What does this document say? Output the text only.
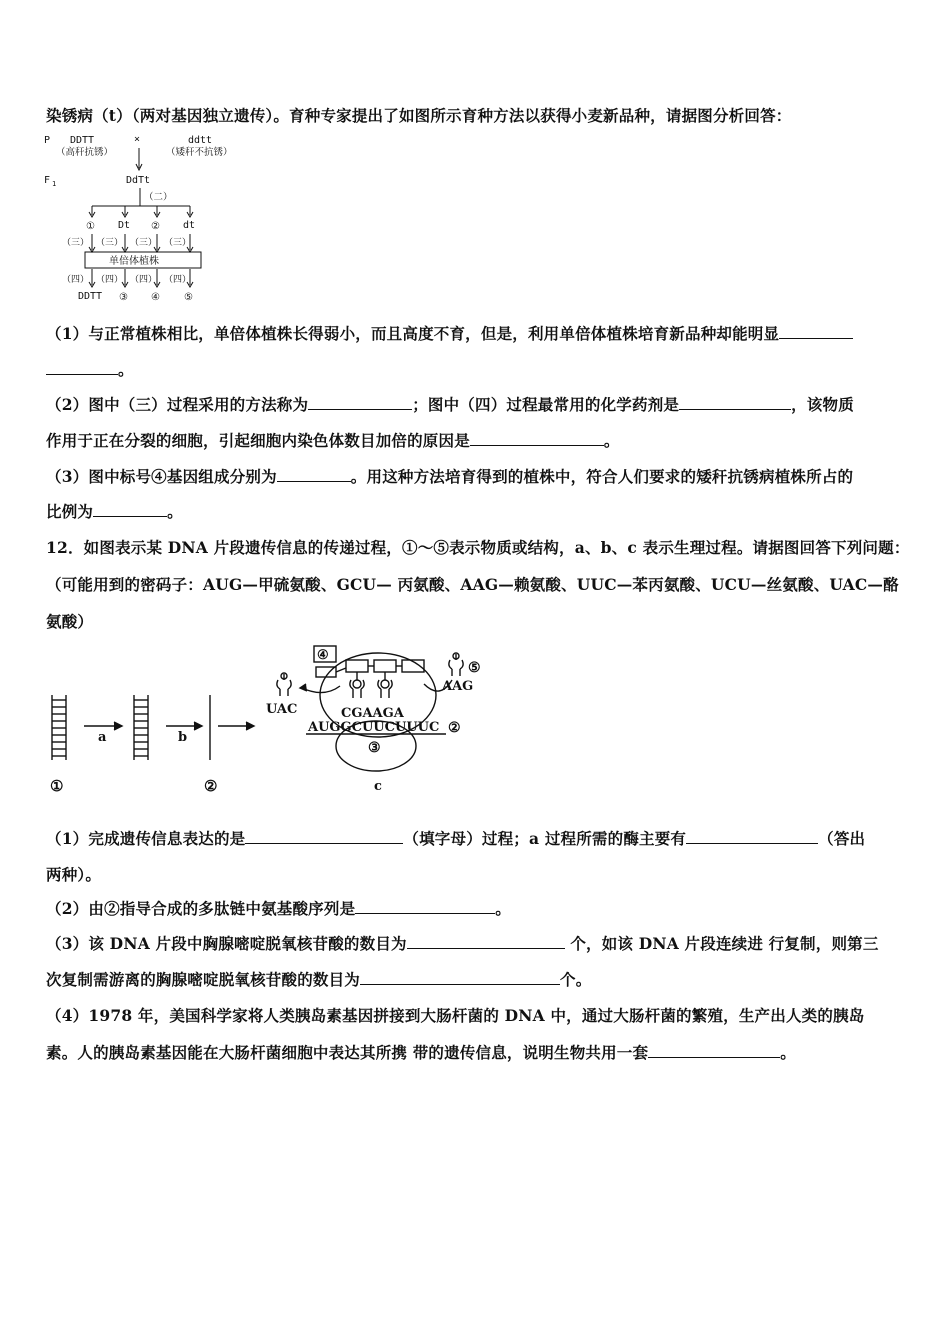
染锈病（t）（两对基因独立遗传）。育种专家提出了如图所示育种方法以获得小麦新品种，请据图分析回答：
P DDTT
（高秆抗锈）
×	ddtt
（矮秆不抗锈）
F 1	DdTt
（二）
① Dt ② dt
（三） （三） （三） （三）
单倍体植株
（四） （四） （四） （四）
DDTT ③ ④ ⑤
（1）与正常植株相比，单倍体植株长得弱小，而且高度不育，但是，利用单倍体植株培育新品种却能明显
。
（2）图中（三）过程采用的方法称为	；图中（四）过程最常用的化学药剂是	，该物质
作用于正在分裂的细胞，引起细胞内染色体数目加倍的原因是	。
（3）图中标号④基因组成分别为	。用这种方法培育得到的植株中，符合人们要求的矮秆抗锈病植株所占的
比例为	。
12．如图表示某 DNA 片段遗传信息的传递过程，①～⑤表示物质或结构，a、b、c 表示生理过程。请据图回答下列问题：
（可能用到的密码子：AUG—甲硫氨酸、GCU— 丙氨酸、AAG—赖氨酸、UUC—苯丙氨酸、UCU—丝氨酸、UAC—酪
氨酸）
①
a	b
②
④
⑤
UAC
AAG
CGAAGA
AUGGCUUCUUUC ②
③
c
（1）完成遗传信息表达的是	（填字母）过程；a 过程所需的酶主要有	（答出
两种）。
（2）由②指导合成的多肽链中氨基酸序列是	。
（3）该 DNA 片段中胸腺嘧啶脱氧核苷酸的数目为	个，如该 DNA 片段连续进 行复制，则第三
次复制需游离的胸腺嘧啶脱氧核苷酸的数目为	个。
（4）1978 年，美国科学家将人类胰岛素基因拼接到大肠杆菌的 DNA 中，通过大肠杆菌的繁殖，生产出人类的胰岛
素。人的胰岛素基因能在大肠杆菌细胞中表达其所携 带的遗传信息，说明生物共用一套	。
